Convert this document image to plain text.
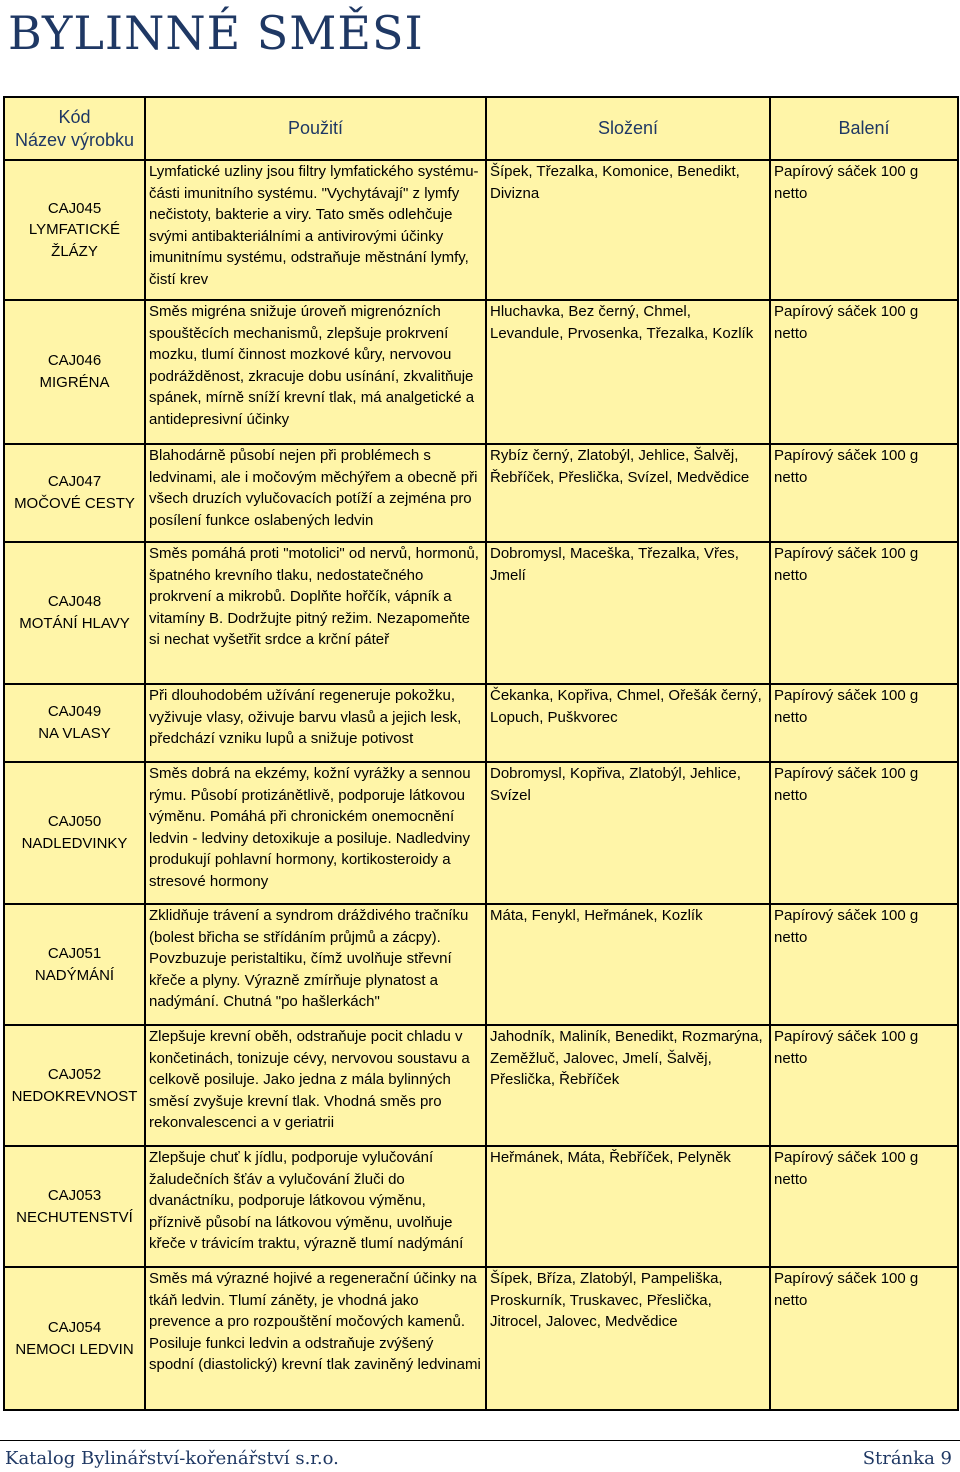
BYLINNÉ SMĚSI
Kód
Název výrobku	Použití	Složení	Balení

CAJ045
LYMFATICKÉ ŽLÁZY	Lymfatické uzliny jsou filtry lymfatického systému-části imunitního systému. "Vychytávají" z lymfy nečistoty, bakterie a viry. Tato směs odlehčuje svými antibakteriálními a antivirovými účinky imunitnímu systému, odstraňuje městnání lymfy, čistí krev	Šípek, Třezalka, Komonice, Benedikt, Divizna	Papírový sáček 100 g netto

CAJ046
MIGRÉNA	Směs migréna snižuje úroveň migrenózních spouštěcích mechanismů, zlepšuje prokrvení mozku, tlumí činnost mozkové kůry, nervovou podrážděnost, zkracuje dobu usínání, zkvalitňuje spánek, mírně sníží krevní tlak, má analgetické a antidepresivní účinky	Hluchavka, Bez černý, Chmel, Levandule, Prvosenka, Třezalka, Kozlík	Papírový sáček 100 g netto

CAJ047
MOČOVÉ CESTY	Blahodárně působí nejen při problémech s ledvinami, ale i močovým měchýřem a obecně při všech druzích vylučovacích potíží a zejména pro posílení funkce oslabených ledvin	Rybíz černý, Zlatobýl, Jehlice, Šalvěj, Řebříček, Přeslička, Svízel, Medvědice	Papírový sáček 100 g netto

CAJ048
MOTÁNÍ HLAVY	Směs pomáhá proti "motolici" od nervů, hormonů, špatného krevního tlaku, nedostatečného prokrvení a mikrobů. Doplňte hořčík, vápník a vitamíny B. Dodržujte pitný režim. Nezapomeňte si nechat vyšetřit srdce a krční páteř	Dobromysl, Maceška, Třezalka, Vřes, Jmelí	Papírový sáček 100 g netto

CAJ049
NA VLASY	Při dlouhodobém užívání regeneruje pokožku, vyživuje vlasy, oživuje barvu vlasů a jejich lesk, předchází vzniku lupů a snižuje potivost	Čekanka, Kopřiva, Chmel, Ořešák černý, Lopuch, Puškvorec	Papírový sáček 100 g netto

CAJ050
NADLEDVINKY	Směs dobrá na ekzémy, kožní vyrážky a sennou rýmu. Působí protizánětlivě, podporuje látkovou výměnu. Pomáhá při chronickém onemocnění ledvin - ledviny detoxikuje a posiluje. Nadledviny produkují pohlavní hormony, kortikosteroidy a stresové hormony	Dobromysl, Kopřiva, Zlatobýl, Jehlice, Svízel	Papírový sáček 100 g netto

CAJ051
NADÝMÁNÍ	Zklidňuje trávení a syndrom dráždivého tračníku (bolest břicha se střídáním průjmů a zácpy). Povzbuzuje peristaltiku, čímž uvolňuje střevní křeče a plyny. Výrazně zmírňuje plynatost a nadýmání. Chutná "po hašlerkách"	Máta, Fenykl, Heřmánek, Kozlík	Papírový sáček 100 g netto

CAJ052
NEDOKREVNOST	Zlepšuje krevní oběh, odstraňuje pocit chladu v končetinách, tonizuje cévy, nervovou soustavu a celkově posiluje. Jako jedna z mála bylinných směsí zvyšuje krevní tlak. Vhodná směs pro rekonvalescenci a v geriatrii	Jahodník, Maliník, Benedikt, Rozmarýna, Zeměžluč, Jalovec, Jmelí, Šalvěj, Přeslička, Řebříček	Papírový sáček 100 g netto

CAJ053
NECHUTENSTVÍ	Zlepšuje chuť k jídlu, podporuje vylučování žaludečních šťáv a vylučování žluči do dvanáctníku, podporuje látkovou výměnu, příznivě působí na látkovou výměnu, uvolňuje křeče v trávicím traktu, výrazně tlumí nadýmání	Heřmánek, Máta, Řebříček, Pelyněk	Papírový sáček 100 g netto

CAJ054
NEMOCI LEDVIN	Směs má výrazné hojivé a regenerační účinky na tkáň ledvin. Tlumí záněty, je vhodná jako prevence a pro rozpouštění močových kamenů. Posiluje funkci ledvin a odstraňuje zvýšený spodní (diastolický) krevní tlak zaviněný ledvinami	Šípek, Bříza, Zlatobýl, Pampeliška, Proskurník, Truskavec, Přeslička, Jitrocel, Jalovec, Medvědice	Papírový sáček 100 g netto
Katalog Bylinářství-kořenářství s.r.o.	Stránka 9
